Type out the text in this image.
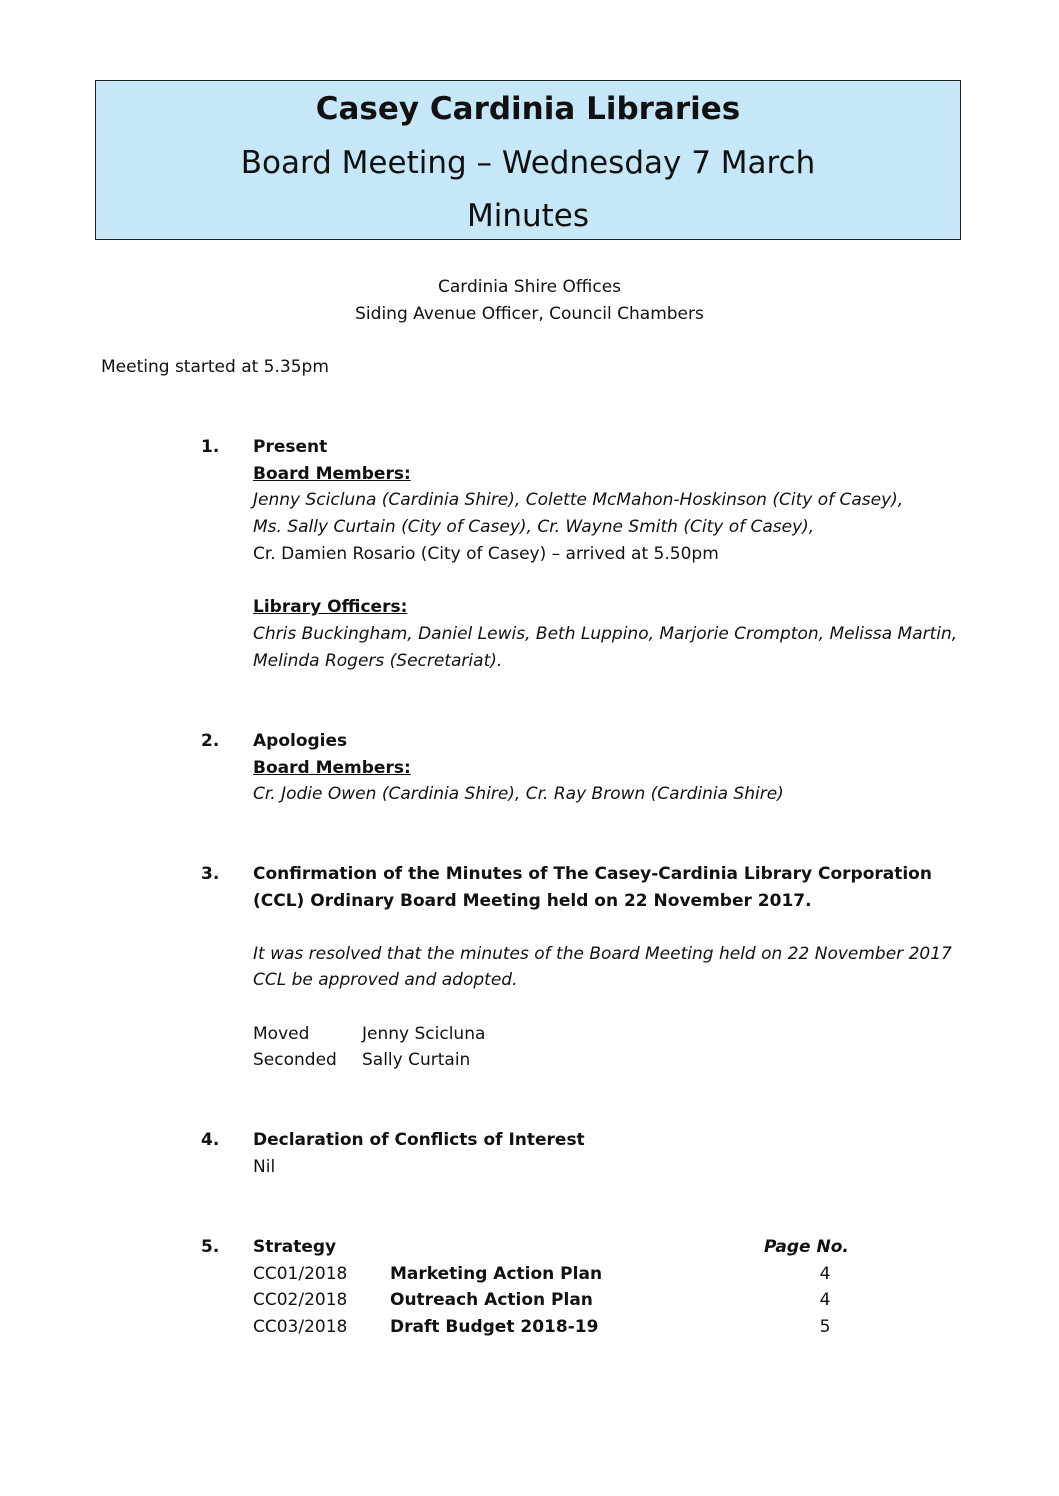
Casey Cardinia Libraries
Board Meeting – Wednesday 7 March
Minutes
Cardinia Shire Offices
Siding Avenue Officer, Council Chambers
Meeting started at 5.35pm
1. Present
Board Members:
Jenny Scicluna (Cardinia Shire), Colette McMahon-Hoskinson (City of Casey),
Ms. Sally Curtain (City of Casey), Cr. Wayne Smith (City of Casey),
Cr. Damien Rosario (City of Casey) – arrived at 5.50pm
Library Officers:
Chris Buckingham, Daniel Lewis, Beth Luppino, Marjorie Crompton, Melissa Martin,
Melinda Rogers (Secretariat).
2. Apologies
Board Members:
Cr. Jodie Owen (Cardinia Shire), Cr. Ray Brown (Cardinia Shire)
3. Confirmation of the Minutes of The Casey-Cardinia Library Corporation
(CCL) Ordinary Board Meeting held on 22 November 2017.
It was resolved that the minutes of the Board Meeting held on 22 November 2017
CCL be approved and adopted.
Moved	Jenny Scicluna
Seconded Sally Curtain
4. Declaration of Conflicts of Interest
Nil
5. Strategy	Page No.
CC01/2018	Marketing Action Plan	4
CC02/2018	Outreach Action Plan	4
CC03/2018	Draft Budget 2018-19	5
